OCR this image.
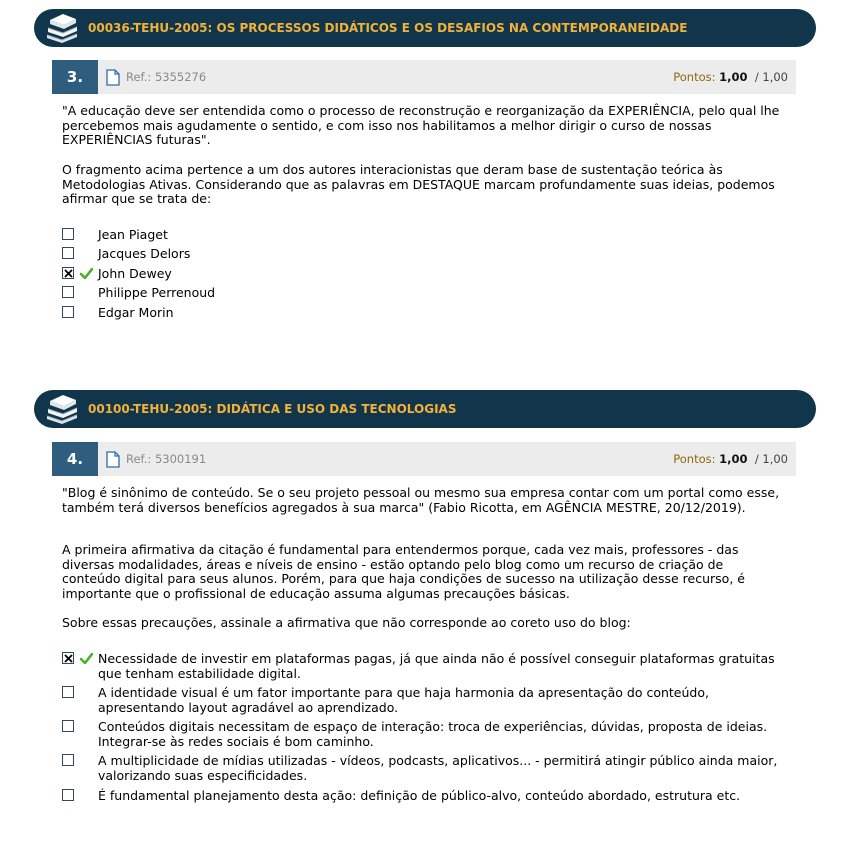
00036-TEHU-2005: OS PROCESSOS DIDÁTICOS E OS DESAFIOS NA CONTEMPORANEIDADE
3.	Ref.: 5355276	Pontos: 1,00 / 1,00

"A educação deve ser entendida como o processo de reconstrução e reorganização da EXPERIÊNCIA, pelo qual lhe percebemos mais agudamente o sentido, e com isso nos habilitamos a melhor dirigir o curso de nossas EXPERIÊNCIAS futuras".

O fragmento acima pertence a um dos autores interacionistas que deram base de sustentação teórica às Metodologias Ativas. Considerando que as palavras em DESTAQUE marcam profundamente suas ideias, podemos afirmar que se trata de:

Jean Piaget
Jacques Delors
John Dewey
Philippe Perrenoud
Edgar Morin
00100-TEHU-2005: DIDÁTICA E USO DAS TECNOLOGIAS
4.	Ref.: 5300191	Pontos: 1,00 / 1,00

"Blog é sinônimo de conteúdo. Se o seu projeto pessoal ou mesmo sua empresa contar com um portal como esse, também terá diversos benefícios agregados à sua marca" (Fabio Ricotta, em AGÊNCIA MESTRE, 20/12/2019).

A primeira afirmativa da citação é fundamental para entendermos porque, cada vez mais, professores - das diversas modalidades, áreas e níveis de ensino - estão optando pelo blog como um recurso de criação de conteúdo digital para seus alunos. Porém, para que haja condições de sucesso na utilização desse recurso, é importante que o profissional de educação assuma algumas precauções básicas.

Sobre essas precauções, assinale a afirmativa que não corresponde ao coreto uso do blog:

Necessidade de investir em plataformas pagas, já que ainda não é possível conseguir plataformas gratuitas que tenham estabilidade digital.
A identidade visual é um fator importante para que haja harmonia da apresentação do conteúdo, apresentando layout agradável ao aprendizado.
Conteúdos digitais necessitam de espaço de interação: troca de experiências, dúvidas, proposta de ideias. Integrar-se às redes sociais é bom caminho.
A multiplicidade de mídias utilizadas - vídeos, podcasts, aplicativos... - permitirá atingir público ainda maior, valorizando suas especificidades.
É fundamental planejamento desta ação: definição de público-alvo, conteúdo abordado, estrutura etc.
